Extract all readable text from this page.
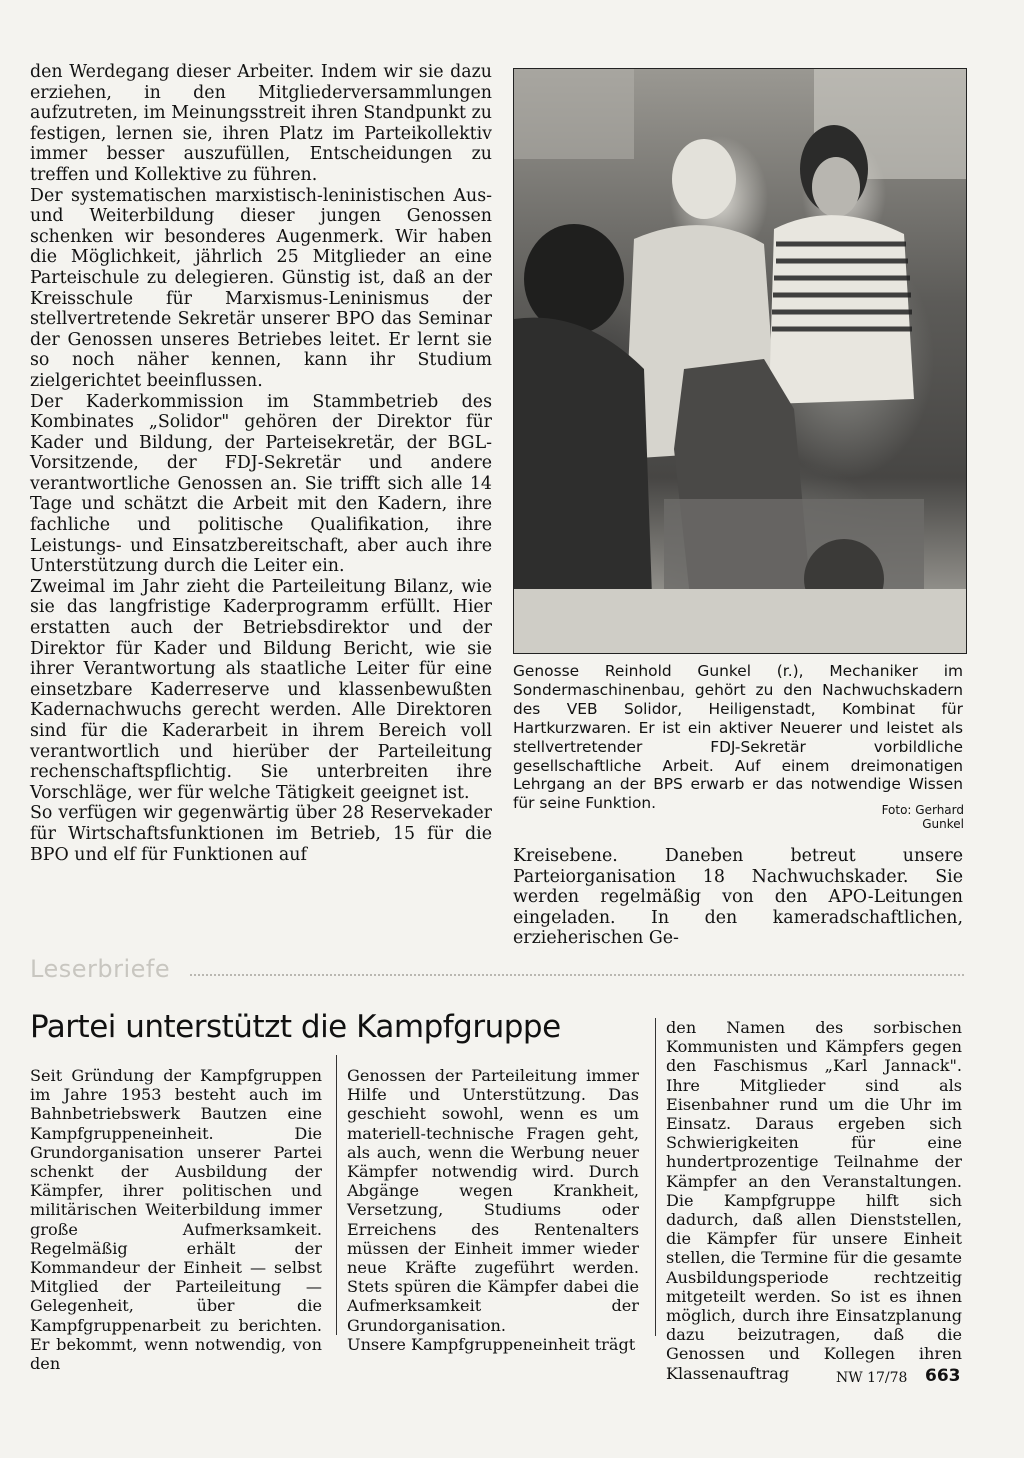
den Werdegang dieser Arbeiter. Indem wir sie dazu erziehen, in den Mitgliederversammlungen aufzutreten, im Meinungsstreit ihren Standpunkt zu festigen, lernen sie, ihren Platz im Parteikollektiv immer besser auszufüllen, Entscheidungen zu treffen und Kollektive zu führen.

Der systematischen marxistisch-leninistischen Aus- und Weiterbildung dieser jungen Genossen schenken wir besonderes Augenmerk. Wir haben die Möglichkeit, jährlich 25 Mitglieder an eine Parteischule zu delegieren. Günstig ist, daß an der Kreisschule für Marxismus-Leninismus der stellvertretende Sekretär unserer BPO das Seminar der Genossen unseres Betriebes leitet. Er lernt sie so noch näher kennen, kann ihr Studium zielgerichtet beeinflussen.

Der Kaderkommission im Stammbetrieb des Kombinates „Solidor" gehören der Direktor für Kader und Bildung, der Parteisekretär, der BGL-Vorsitzende, der FDJ-Sekretär und andere verantwortliche Genossen an. Sie trifft sich alle 14 Tage und schätzt die Arbeit mit den Kadern, ihre fachliche und politische Qualifikation, ihre Leistungs- und Einsatzbereitschaft, aber auch ihre Unterstützung durch die Leiter ein.

Zweimal im Jahr zieht die Parteileitung Bilanz, wie sie das langfristige Kaderprogramm erfüllt. Hier erstatten auch der Betriebsdirektor und der Direktor für Kader und Bildung Bericht, wie sie ihrer Verantwortung als staatliche Leiter für eine einsetzbare Kaderreserve und klassenbewußten Kadernachwuchs gerecht werden. Alle Direktoren sind für die Kaderarbeit in ihrem Bereich voll verantwortlich und hierüber der Parteileitung rechenschaftspflichtig. Sie unterbreiten ihre Vorschläge, wer für welche Tätigkeit geeignet ist.

So verfügen wir gegenwärtig über 28 Reservekader für Wirtschaftsfunktionen im Betrieb, 15 für die BPO und elf für Funktionen auf

Genosse Reinhold Gunkel (r.), Mechaniker im Sondermaschinenbau, gehört zu den Nachwuchskadern des VEB Solidor, Heiligenstadt, Kombinat für Hartkurzwaren. Er ist ein aktiver Neuerer und leistet als stellvertretender FDJ-Sekretär vorbildliche gesellschaftliche Arbeit. Auf einem dreimonatigen Lehrgang an der BPS erwarb er das notwendige Wissen für seine Funktion.	Foto: Gerhard Gunkel

Kreisebene. Daneben betreut unsere Parteiorganisation 18 Nachwuchskader. Sie werden regelmäßig von den APO-Leitungen eingeladen. In den kameradschaftlichen, erzieherischen Ge-

Leserbriefe
Partei unterstützt die Kampfgruppe

Seit Gründung der Kampfgruppen im Jahre 1953 besteht auch im Bahnbetriebswerk Bautzen eine Kampfgruppeneinheit. Die Grundorganisation unserer Partei schenkt der Ausbildung der Kämpfer, ihrer politischen und militärischen Weiterbildung immer große Aufmerksamkeit. Regelmäßig erhält der Kommandeur der Einheit — selbst Mitglied der Parteileitung — Gelegenheit, über die Kampfgruppenarbeit zu berichten. Er bekommt, wenn notwendig, von den

Genossen der Parteileitung immer Hilfe und Unterstützung. Das geschieht sowohl, wenn es um materiell-technische Fragen geht, als auch, wenn die Werbung neuer Kämpfer notwendig wird. Durch Abgänge wegen Krankheit, Versetzung, Studiums oder Erreichens des Rentenalters müssen der Einheit immer wieder neue Kräfte zugeführt werden. Stets spüren die Kämpfer dabei die Aufmerksamkeit der Grundorganisation.

Unsere Kampfgruppeneinheit trägt

den Namen des sorbischen Kommunisten und Kämpfers gegen den Faschismus „Karl Jannack". Ihre Mitglieder sind als Eisenbahner rund um die Uhr im Einsatz. Daraus ergeben sich Schwierigkeiten für eine hundertprozentige Teilnahme der Kämpfer an den Veranstaltungen. Die Kampfgruppe hilft sich dadurch, daß allen Dienststellen, die Kämpfer für unsere Einheit stellen, die Termine für die gesamte Ausbildungsperiode rechtzeitig mitgeteilt werden. So ist es ihnen möglich, durch ihre Einsatzplanung dazu beizutragen, daß die Genossen und Kollegen ihren Klassenauftrag	NW 17/78 663
